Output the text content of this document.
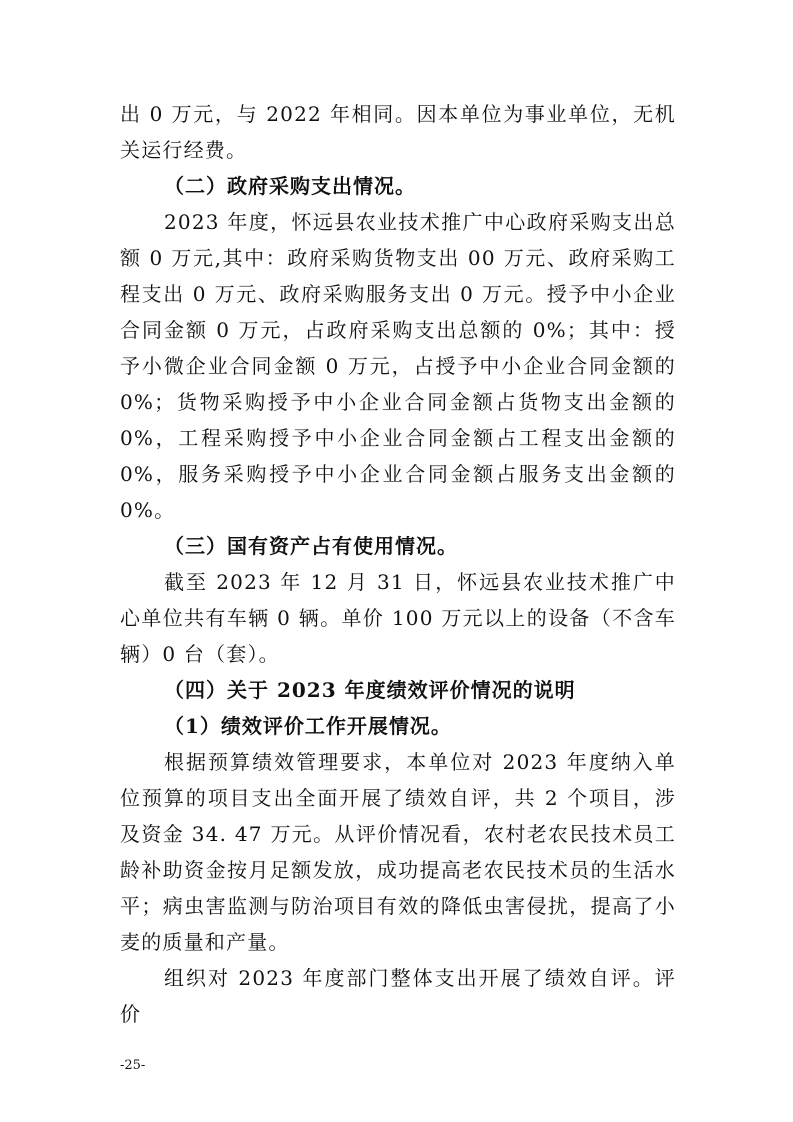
出 0 万元，与 2022 年相同。因本单位为事业单位，无机关运行经费。

（二）政府采购支出情况。

2023 年度，怀远县农业技术推广中心政府采购支出总额 0 万元,其中：政府采购货物支出 00 万元、政府采购工程支出 0 万元、政府采购服务支出 0 万元。授予中小企业合同金额 0 万元，占政府采购支出总额的 0%；其中：授予小微企业合同金额 0 万元，占授予中小企业合同金额的 0%；货物采购授予中小企业合同金额占货物支出金额的 0%，工程采购授予中小企业合同金额占工程支出金额的 0%，服务采购授予中小企业合同金额占服务支出金额的 0%。

（三）国有资产占有使用情况。

截至 2023 年 12 月 31 日，怀远县农业技术推广中心单位共有车辆 0 辆。单价 100 万元以上的设备（不含车辆）0 台（套）。

（四）关于 2023 年度绩效评价情况的说明

（1）绩效评价工作开展情况。

根据预算绩效管理要求，本单位对 2023 年度纳入单位预算的项目支出全面开展了绩效自评，共 2 个项目，涉及资金 34. 47 万元。从评价情况看，农村老农民技术员工龄补助资金按月足额发放，成功提高老农民技术员的生活水平；病虫害监测与防治项目有效的降低虫害侵扰，提高了小麦的质量和产量。

组织对 2023 年度部门整体支出开展了绩效自评。评价

-25-
